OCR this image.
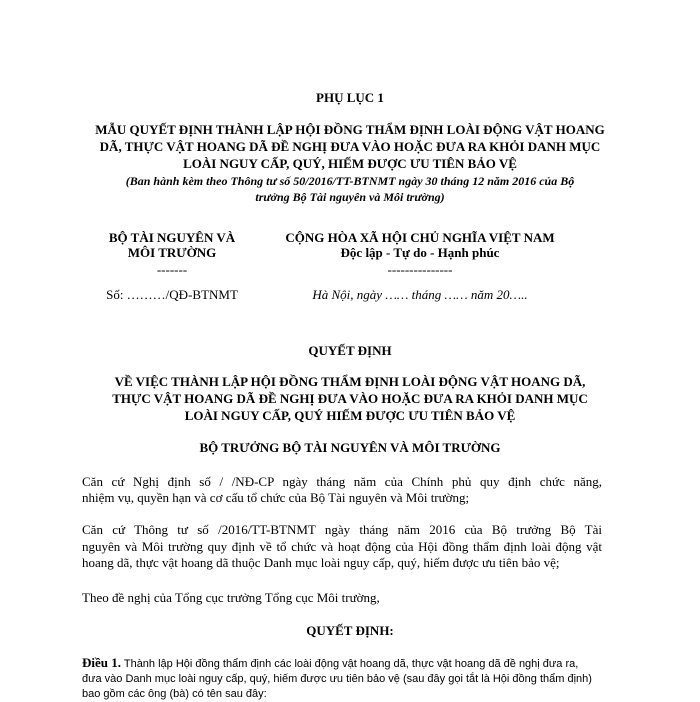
PHỤ LỤC 1
MẪU QUYẾT ĐỊNH THÀNH LẬP HỘI ĐỒNG THẨM ĐỊNH LOÀI ĐỘNG VẬT HOANG
DÃ, THỰC VẬT HOANG DÃ ĐỀ NGHỊ ĐƯA VÀO HOẶC ĐƯA RA KHỎI DANH MỤC
LOÀI NGUY CẤP, QUÝ, HIẾM ĐƯỢC ƯU TIÊN BẢO VỆ
(Ban hành kèm theo Thông tư số 50/2016/TT-BTNMT ngày 30 tháng 12 năm 2016 của Bộ
trưởng Bộ Tài nguyên và Môi trường)
BỘ TÀI NGUYÊN VÀ
MÔI TRƯỜNG
-------
CỘNG HÒA XÃ HỘI CHỦ NGHĨA VIỆT NAM
Độc lập - Tự do - Hạnh phúc
---------------
Số: ………/QĐ-BTNMT	Hà Nội, ngày …… tháng …… năm 20…..
QUYẾT ĐỊNH
VỀ VIỆC THÀNH LẬP HỘI ĐỒNG THẨM ĐỊNH LOÀI ĐỘNG VẬT HOANG DÃ,
THỰC VẬT HOANG DÃ ĐỀ NGHỊ ĐƯA VÀO HOẶC ĐƯA RA KHỎI DANH MỤC
LOÀI NGUY CẤP, QUÝ HIẾM ĐƯỢC ƯU TIÊN BẢO VỆ
BỘ TRƯỞNG BỘ TÀI NGUYÊN VÀ MÔI TRƯỜNG
Căn cứ Nghị định số / /NĐ-CP ngày tháng năm của Chính phủ quy định chức năng,
nhiệm vụ, quyền hạn và cơ cấu tổ chức của Bộ Tài nguyên và Môi trường;
Căn cứ Thông tư số /2016/TT-BTNMT ngày tháng năm 2016 của Bộ trưởng Bộ Tài
nguyên và Môi trường quy định về tổ chức và hoạt động của Hội đồng thẩm định loài động vật
hoang dã, thực vật hoang dã thuộc Danh mục loài nguy cấp, quý, hiếm được ưu tiên bảo vệ;
Theo đề nghị của Tổng cục trưởng Tổng cục Môi trường,
QUYẾT ĐỊNH:
Điều 1. Thành lập Hội đồng thẩm định các loài động vật hoang dã, thực vật hoang dã đề nghị đưa ra,
đưa vào Danh mục loài nguy cấp, quý, hiếm được ưu tiên bảo vệ (sau đây gọi tắt là Hội đồng thẩm định)
bao gồm các ông (bà) có tên sau đây:
